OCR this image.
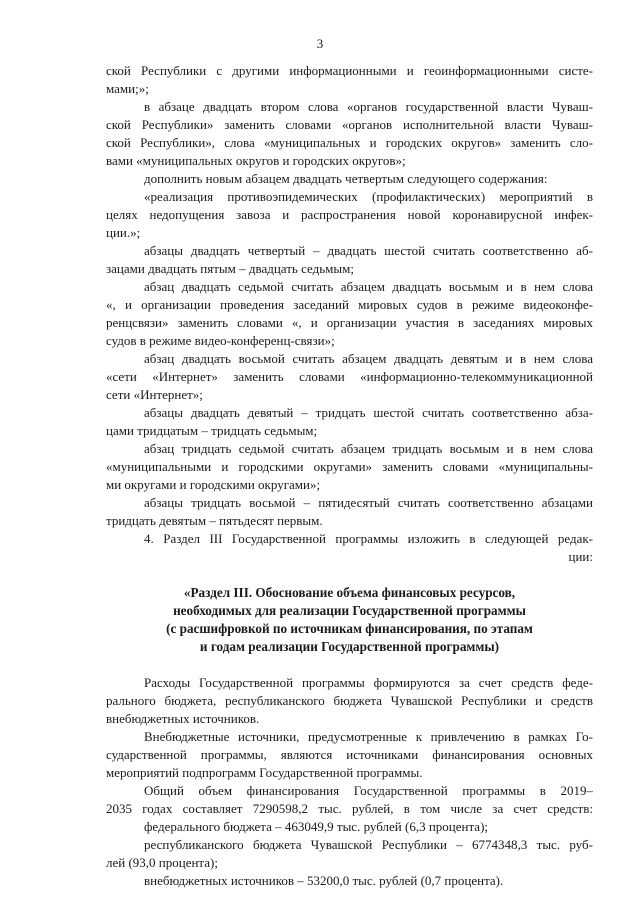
3
ской Республики с другими информационными и геоинформационными систе-
мами;»;
в абзаце двадцать втором слова «органов государственной власти Чуваш-
ской Республики» заменить словами «органов исполнительной власти Чуваш-
ской Республики», слова «муниципальных и городских округов» заменить сло-
вами «муниципальных округов и городских округов»;
дополнить новым абзацем двадцать четвертым следующего содержания:
«реализация противоэпидемических (профилактических) мероприятий в
целях недопущения завоза и распространения новой коронавирусной инфек-
ции.»;
абзацы двадцать четвертый – двадцать шестой считать соответственно аб-
зацами двадцать пятым – двадцать седьмым;
абзац двадцать седьмой считать абзацем двадцать восьмым и в нем слова
«, и организации проведения заседаний мировых судов в режиме видеоконфе-
ренцсвязи» заменить словами «, и организации участия в заседаниях мировых
судов в режиме видео-конференц-связи»;
абзац двадцать восьмой считать абзацем двадцать девятым и в нем слова
«сети «Интернет» заменить словами «информационно-телекоммуникационной
сети «Интернет»;
абзацы двадцать девятый – тридцать шестой считать соответственно абза-
цами тридцатым – тридцать седьмым;
абзац тридцать седьмой считать абзацем тридцать восьмым и в нем слова
«муниципальными и городскими округами» заменить словами «муниципальны-
ми округами и городскими округами»;
абзацы тридцать восьмой – пятидесятый считать соответственно абзацами
тридцать девятым – пятьдесят первым.
4. Раздел III Государственной программы изложить в следующей редак-
ции:
«Раздел III. Обоснование объема финансовых ресурсов,
необходимых для реализации Государственной программы
(с расшифровкой по источникам финансирования, по этапам
и годам реализации Государственной программы)
Расходы Государственной программы формируются за счет средств феде-
рального бюджета, республиканского бюджета Чувашской Республики и средств
внебюджетных источников.
Внебюджетные источники, предусмотренные к привлечению в рамках Го-
сударственной программы, являются источниками финансирования основных
мероприятий подпрограмм Государственной программы.
Общий объем финансирования Государственной программы в 2019–
2035 годах составляет 7290598,2 тыс. рублей, в том числе за счет средств:
федерального бюджета – 463049,9 тыс. рублей (6,3 процента);
республиканского бюджета Чувашской Республики – 6774348,3 тыс. руб-
лей (93,0 процента);
внебюджетных источников – 53200,0 тыс. рублей (0,7 процента).
